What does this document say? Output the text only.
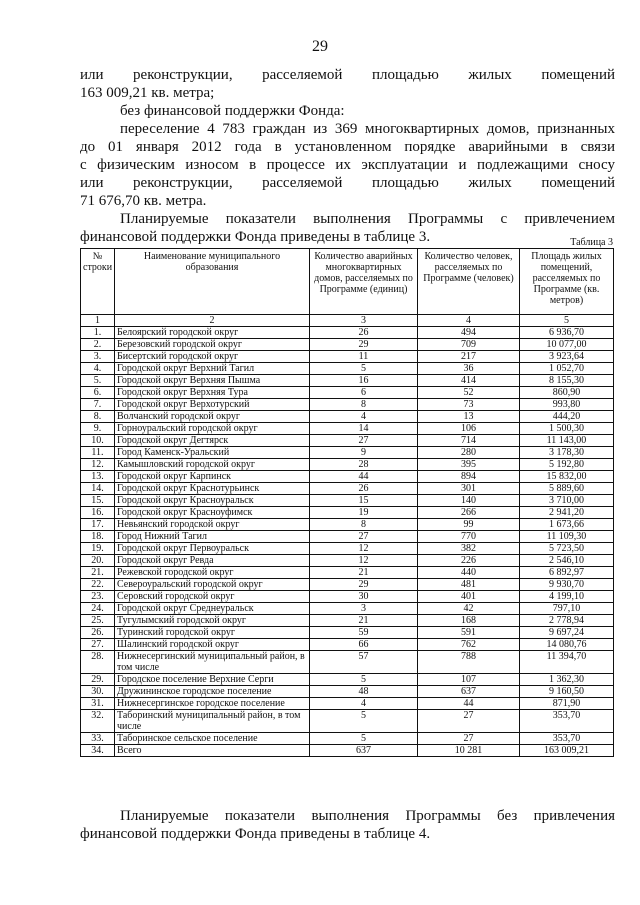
29
или реконструкции, расселяемой площадью жилых помещений
163 009,21 кв. метра;
без финансовой поддержки Фонда:
переселение 4 783 граждан из 369 многоквартирных домов, признанных
до 01 января 2012 года в установленном порядке аварийными в связи
с физическим износом в процессе их эксплуатации и подлежащими сносу
или реконструкции, расселяемой площадью жилых помещений
71 676,70 кв. метра.
Планируемые показатели выполнения Программы с привлечением
финансовой поддержки Фонда приведены в таблице 3.	Таблица 3
№ строки	Наименование муниципального образования	Количество аварийных многоквартирных домов, расселяемых по Программе (единиц)	Количество человек, расселяемых по Программе (человек)	Площадь жилых помещений, расселяемых по Программе (кв. метров)
1	2	3	4	5
1.	Белоярский городской округ	26	494	6 936,70
2.	Березовский городской округ	29	709	10 077,00
3.	Бисертский городской округ	11	217	3 923,64
4.	Городской округ Верхний Тагил	5	36	1 052,70
5.	Городской округ Верхняя Пышма	16	414	8 155,30
6.	Городской округ Верхняя Тура	6	52	860,90
7.	Городской округ Верхотурский	8	73	993,80
8.	Волчанский городской округ	4	13	444,20
9.	Горноуральский городской округ	14	106	1 500,30
10.	Городской округ Дегтярск	27	714	11 143,00
11.	Город Каменск-Уральский	9	280	3 178,30
12.	Камышловский городской округ	28	395	5 192,80
13.	Городской округ Карпинск	44	894	15 832,00
14.	Городской округ Краснотурьинск	26	301	5 889,60
15.	Городской округ Красноуральск	15	140	3 710,00
16.	Городской округ Красноуфимск	19	266	2 941,20
17.	Невьянский городской округ	8	99	1 673,66
18.	Город Нижний Тагил	27	770	11 109,30
19.	Городской округ Первоуральск	12	382	5 723,50
20.	Городской округ Ревда	12	226	2 546,10
21.	Режевской городской округ	21	440	6 892,97
22.	Североуральский городской округ	29	481	9 930,70
23.	Серовский городской округ	30	401	4 199,10
24.	Городской округ Среднеуральск	3	42	797,10
25.	Тугулымский городской округ	21	168	2 778,94
26.	Туринский городской округ	59	591	9 697,24
27.	Шалинский городской округ	66	762	14 080,76
28.	Нижнесергинский муниципальный район, в том числе	57	788	11 394,70
29.	Городское поселение Верхние Серги	5	107	1 362,30
30.	Дружининское городское поселение	48	637	9 160,50
31.	Нижнесергинское городское поселение	4	44	871,90
32.	Таборинский муниципальный район, в том числе	5	27	353,70
33.	Таборинское сельское поселение	5	27	353,70
34.	Всего	637	10 281	163 009,21
Планируемые показатели выполнения Программы без привлечения
финансовой поддержки Фонда приведены в таблице 4.
